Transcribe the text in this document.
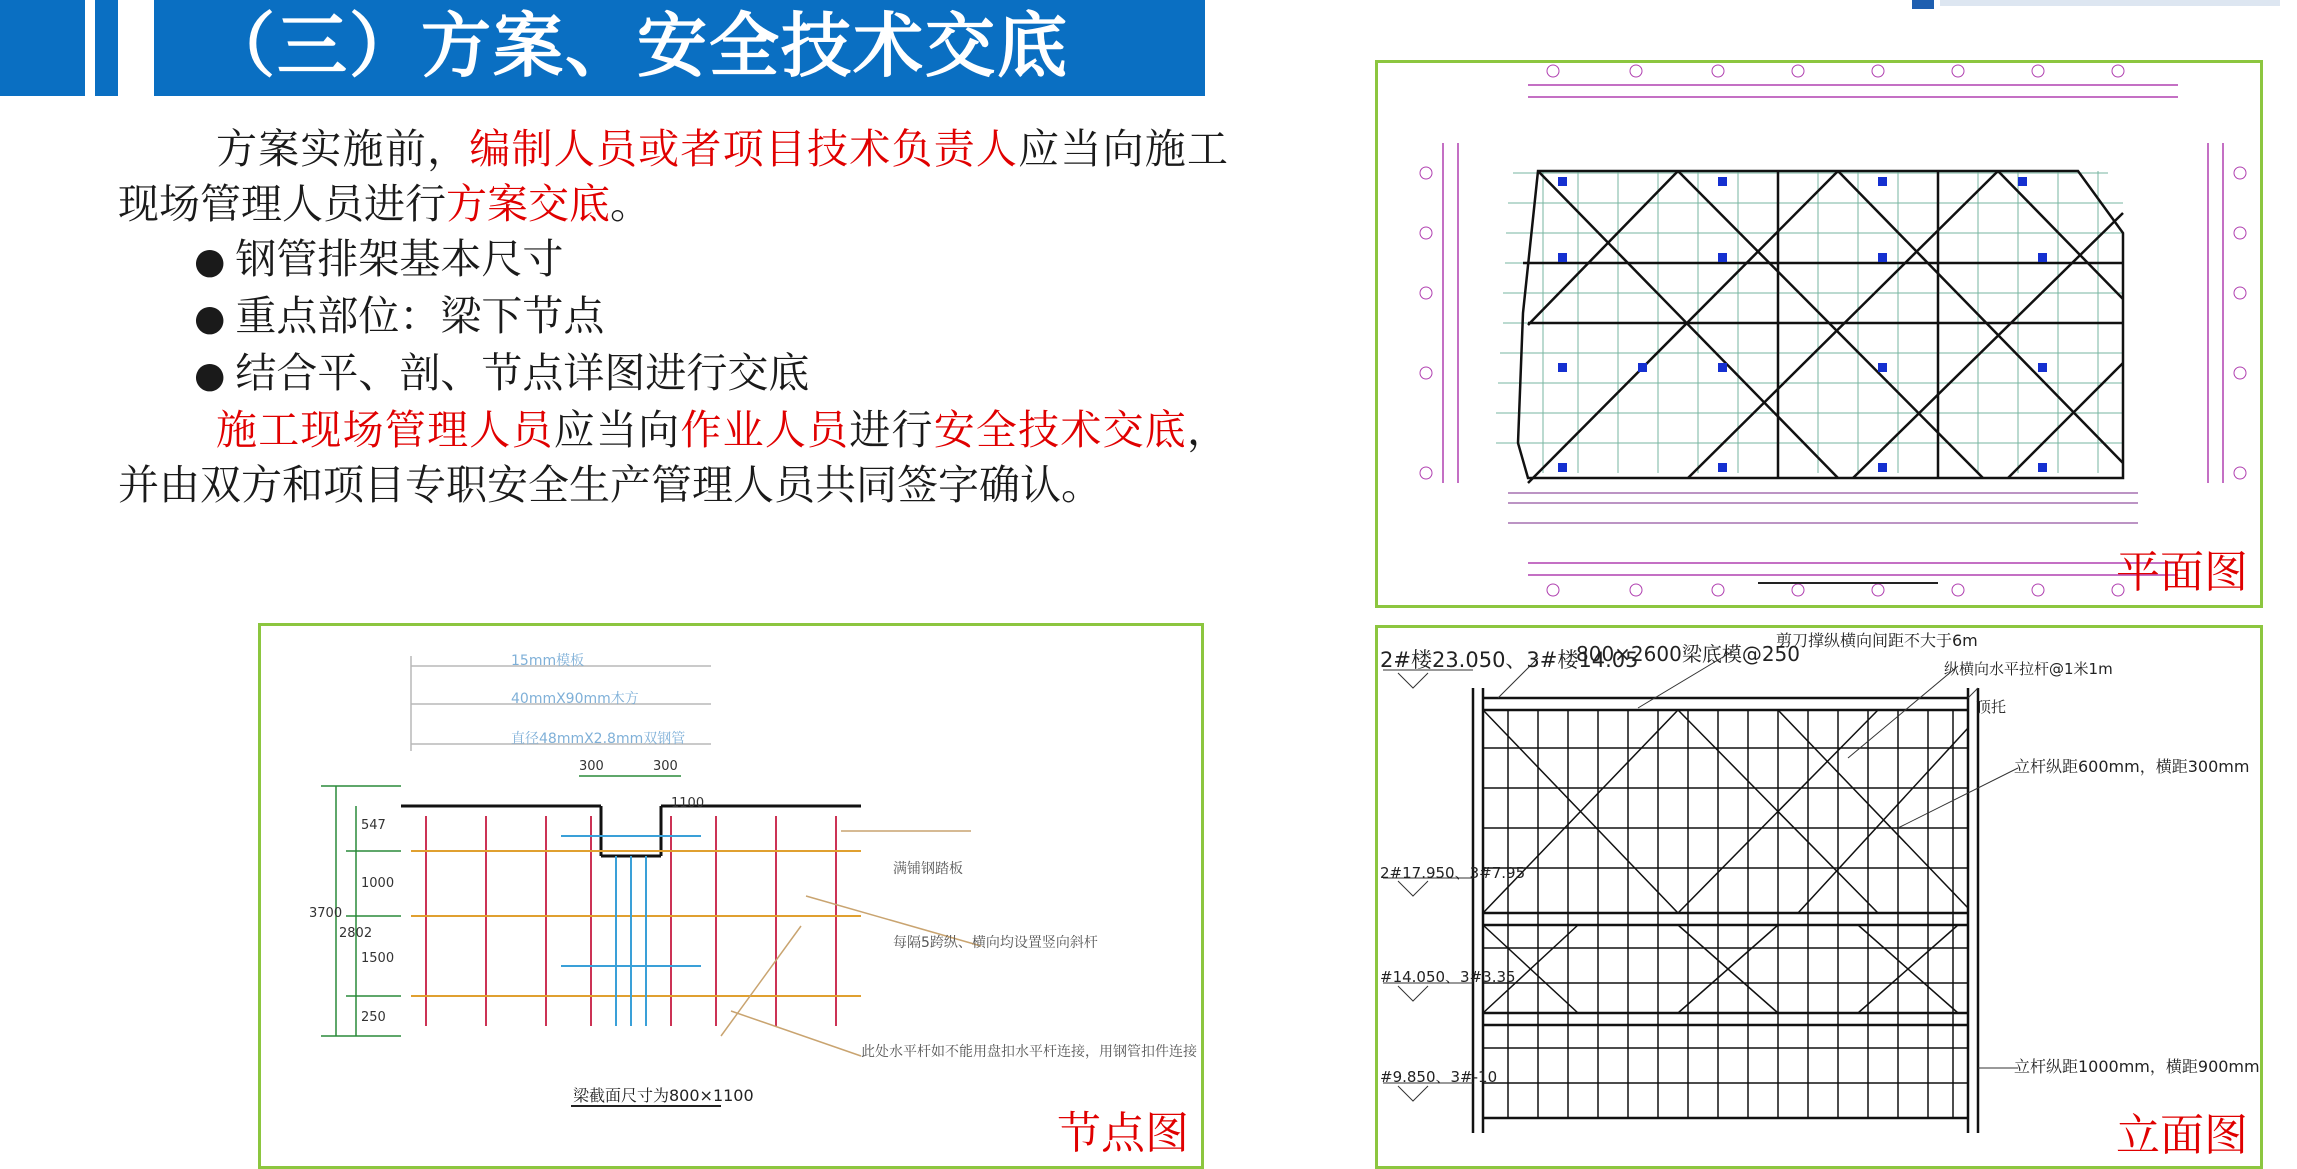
（三）方案、安全技术交底

方案实施前，编制人员或者项目技术负责人应当向施工现场管理人员进行方案交底。

● 钢管排架基本尺寸
● 重点部位：梁下节点
● 结合平、剖、节点详图进行交底

施工现场管理人员应当向作业人员进行安全技术交底，并由双方和项目专职安全生产管理人员共同签字确认。

平面图
15mm模板
40mmX90mm木方
直径48mmX2.8mm双钢管
300	300
1100
547
1000
2802
3700
1500
250
满铺钢踏板
每隔5跨纵、横向均设置竖向斜杆
此处水平杆如不能用盘扣水平杆连接，用钢管扣件连接
梁截面尺寸为800×1100
节点图
2#楼23.050、3#楼14.05
800×2600梁底模@250
剪刀撑纵横向间距不大于6m
纵横向水平拉杆@1米1m
顶托
立杆纵距600mm，横距300mm
2#17.950、3#7.95
#14.050、3#3.35
#9.850、3#-10
立杆纵距1000mm，横距900mm
立面图
